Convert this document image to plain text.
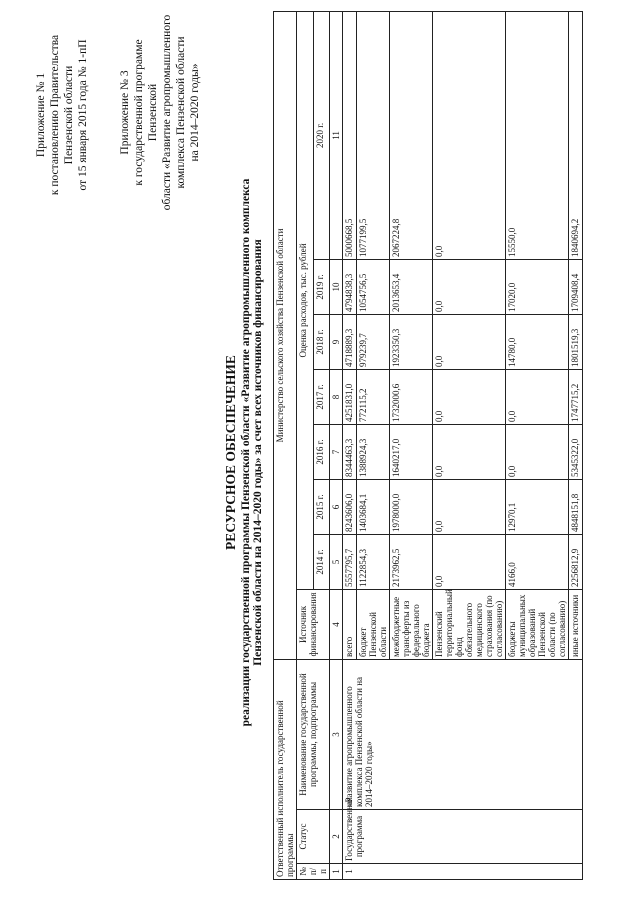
Приложение № 1 к постановлению Правительства Пензенской области от 15 января 2015 года № 1-пП	Приложение № 3 к государственной программе Пензенской области «Развитие агропромышленного комплекса Пензенской области на 2014–2020 годы»
РЕСУРСНОЕ ОБЕСПЕЧЕНИЕ реализации государственной программы Пензенской области «Развитие агропромышленного комплекса Пензенской области на 2014–2020 годы» за счет всех источников финансирования
Ответственный исполнитель государственной программы			Министерство сельского хозяйства Пензенской области							
№ п/п	Статус	Наименование государственной программы, подпрограммы	Источник финансирования	Оценка расходов, тыс. рублей						
				2014 г.	2015 г.	2016 г.	2017 г.	2018 г.	2019 г.	2020 г.
1	2	3	4	5	6	7	8	9	10	11
1	Государственная программа	«Развитие агропромышленного комплекса Пензенской области на 2014–2020 годы»	всего	5557795,7	8243606,0	8344463,3	4251831,0	4718889,3	4794838,3	5000668,5
			бюджет Пензенской области	1122854,3	1403684,1	1388924,3	772115,2	979239,7	1054756,5	1077199,5
			межбюджетные трансферты из федерального бюджета	2173962,5	1978000,0	1640217,0	1732000,6	1923350,3	2013653,4	2067224,8
			Пензенский территориальный фонд обязательного медицинского страхования (по согласованию)	0,0	0,0	0,0	0,0	0,0	0,0	0,0
			бюджеты муниципальных образований Пензенской области (по согласованию)	4166,0	12970,1	0,0	0,0	14780,0	17020,0	15550,0
			иные источники	2256812,9	4848151,8	5345322,0	1747715,2	1801519,3	1709408,4	1840694,2
